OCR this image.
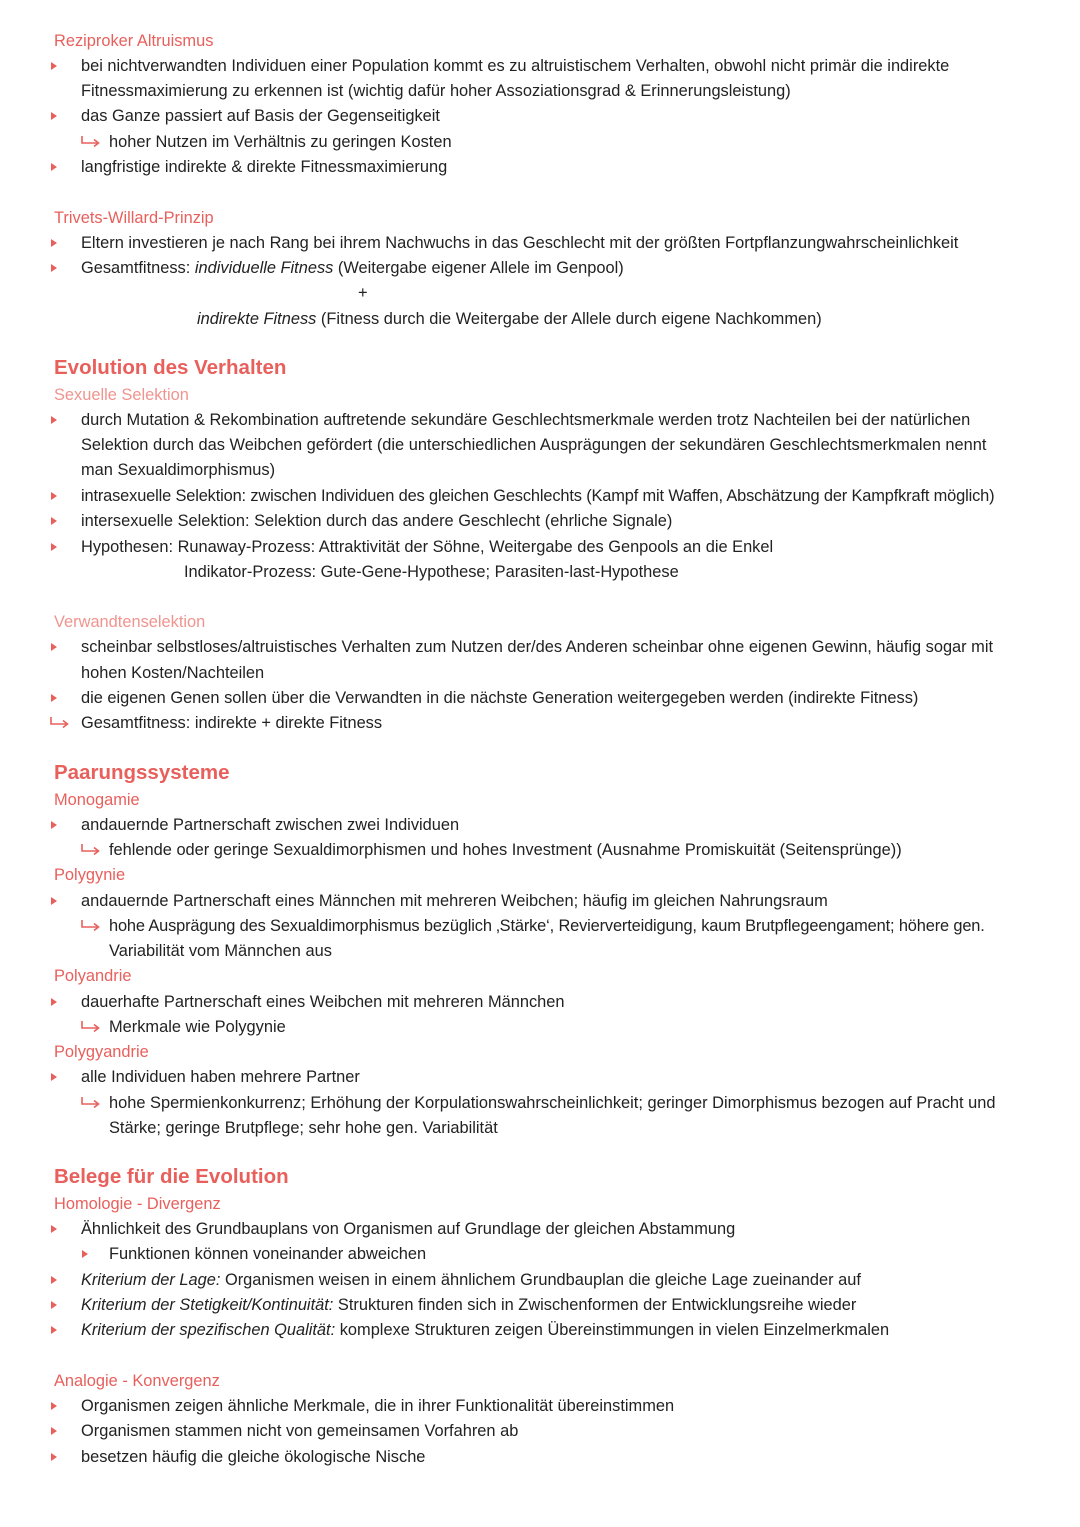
Reziproker Altruismus
bei nichtverwandten Individuen einer Population kommt es zu altruistischem Verhalten, obwohl nicht primär die indirekte
Fitnessmaximierung zu erkennen ist (wichtig dafür hoher Assoziationsgrad & Erinnerungsleistung)
das Ganze passiert auf Basis der Gegenseitigkeit
hoher Nutzen im Verhältnis zu geringen Kosten
langfristige indirekte & direkte Fitnessmaximierung
Trivets-Willard-Prinzip
Eltern investieren je nach Rang bei ihrem Nachwuchs in das Geschlecht mit der größten Fortpflanzungwahrscheinlichkeit
Gesamtfitness: individuelle Fitness (Weitergabe eigener Allele im Genpool)
+
indirekte Fitness (Fitness durch die Weitergabe der Allele durch eigene Nachkommen)
Evolution des Verhalten
Sexuelle Selektion
durch Mutation & Rekombination auftretende sekundäre Geschlechtsmerkmale werden trotz Nachteilen bei der natürlichen
Selektion durch das Weibchen gefördert (die unterschiedlichen Ausprägungen der sekundären Geschlechtsmerkmalen nennt
man Sexualdimorphismus)
intrasexuelle Selektion: zwischen Individuen des gleichen Geschlechts (Kampf mit Waffen, Abschätzung der Kampfkraft möglich)
intersexuelle Selektion: Selektion durch das andere Geschlecht (ehrliche Signale)
Hypothesen: Runaway-Prozess: Attraktivität der Söhne, Weitergabe des Genpools an die Enkel
Indikator-Prozess: Gute-Gene-Hypothese; Parasiten-last-Hypothese
Verwandtenselektion
scheinbar selbstloses/altruistisches Verhalten zum Nutzen der/des Anderen scheinbar ohne eigenen Gewinn, häufig sogar mit
hohen Kosten/Nachteilen
die eigenen Genen sollen über die Verwandten in die nächste Generation weitergegeben werden (indirekte Fitness)
Gesamtfitness: indirekte + direkte Fitness
Paarungssysteme
Monogamie
andauernde Partnerschaft zwischen zwei Individuen
fehlende oder geringe Sexualdimorphismen und hohes Investment (Ausnahme Promiskuität (Seitensprünge))
Polygynie
andauernde Partnerschaft eines Männchen mit mehreren Weibchen; häufig im gleichen Nahrungsraum
hohe Ausprägung des Sexualdimorphismus bezüglich ‚Stärke‘, Revierverteidigung, kaum Brutpflegeengament; höhere gen.
Variabilität vom Männchen aus
Polyandrie
dauerhafte Partnerschaft eines Weibchen mit mehreren Männchen
Merkmale wie Polygynie
Polygyandrie
alle Individuen haben mehrere Partner
hohe Spermienkonkurrenz; Erhöhung der Korpulationswahrscheinlichkeit; geringer Dimorphismus bezogen auf Pracht und
Stärke; geringe Brutpflege; sehr hohe gen. Variabilität
Belege für die Evolution
Homologie - Divergenz
Ähnlichkeit des Grundbauplans von Organismen auf Grundlage der gleichen Abstammung
Funktionen können voneinander abweichen
Kriterium der Lage: Organismen weisen in einem ähnlichem Grundbauplan die gleiche Lage zueinander auf
Kriterium der Stetigkeit/Kontinuität: Strukturen finden sich in Zwischenformen der Entwicklungsreihe wieder
Kriterium der spezifischen Qualität: komplexe Strukturen zeigen Übereinstimmungen in vielen Einzelmerkmalen
Analogie - Konvergenz
Organismen zeigen ähnliche Merkmale, die in ihrer Funktionalität übereinstimmen
Organismen stammen nicht von gemeinsamen Vorfahren ab
besetzen häufig die gleiche ökologische Nische
